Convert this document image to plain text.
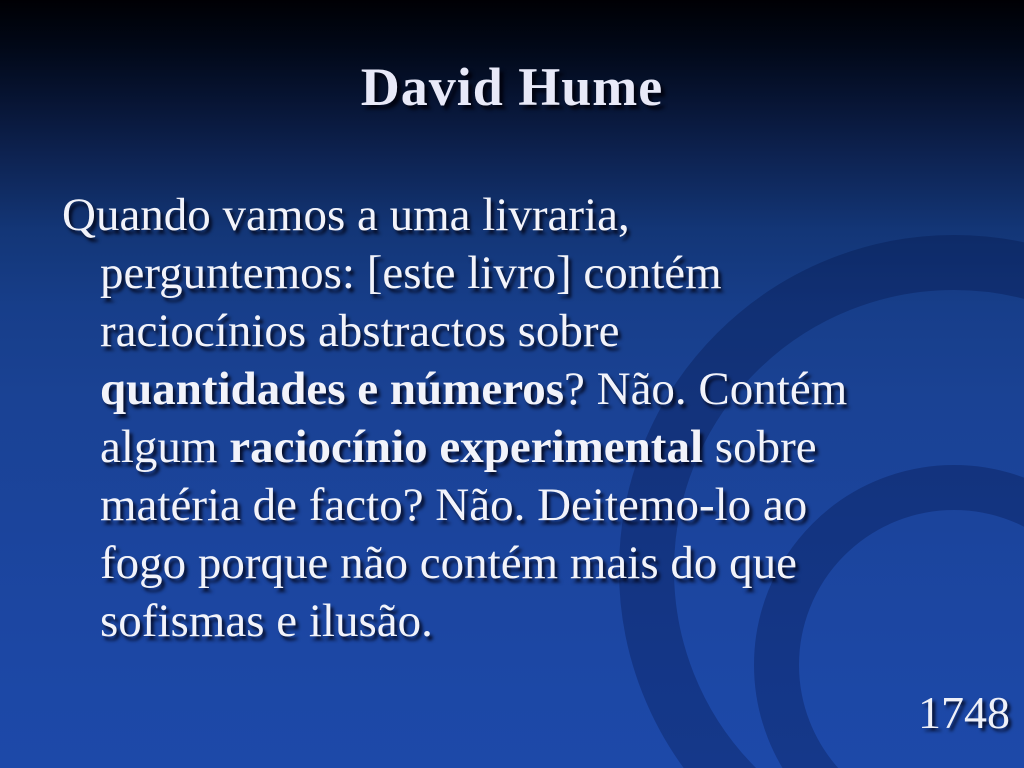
David Hume
Quando vamos a uma livraria,
perguntemos: [este livro] contém
raciocínios abstractos sobre
quantidades e números? Não. Contém
algum raciocínio experimental sobre
matéria de facto? Não. Deitemo-lo ao
fogo porque não contém mais do que
sofismas e ilusão.
1748
